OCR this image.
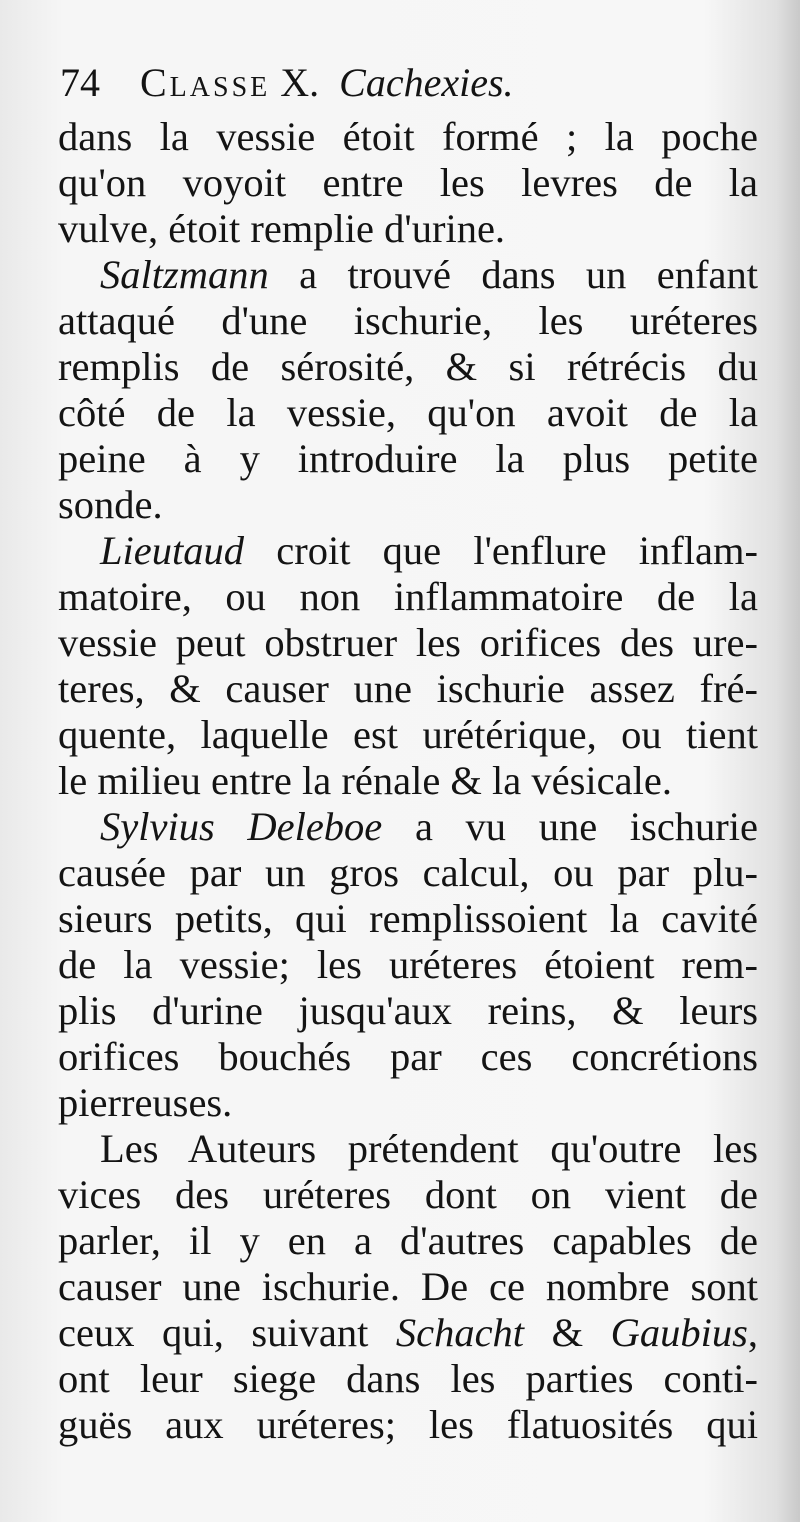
74 Classe X. Cachexies.
dans la vessie étoit formé ; la poche
qu'on voyoit entre les levres de la
vulve, étoit remplie d'urine.
Saltzmann a trouvé dans un enfant
attaqué d'une ischurie, les uréteres
remplis de sérosité, & si rétrécis du
côté de la vessie, qu'on avoit de la
peine à y introduire la plus petite
sonde.
Lieutaud croit que l'enflure inflam-
matoire, ou non inflammatoire de la
vessie peut obstruer les orifices des ure-
teres, & causer une ischurie assez fré-
quente, laquelle est urétérique, ou tient
le milieu entre la rénale & la vésicale.
Sylvius Deleboe a vu une ischurie
causée par un gros calcul, ou par plu-
sieurs petits, qui remplissoient la cavité
de la vessie; les uréteres étoient rem-
plis d'urine jusqu'aux reins, & leurs
orifices bouchés par ces concrétions
pierreuses.
Les Auteurs prétendent qu'outre les
vices des uréteres dont on vient de
parler, il y en a d'autres capables de
causer une ischurie. De ce nombre sont
ceux qui, suivant Schacht & Gaubius,
ont leur siege dans les parties conti-
guës aux uréteres; les flatuosités qui
